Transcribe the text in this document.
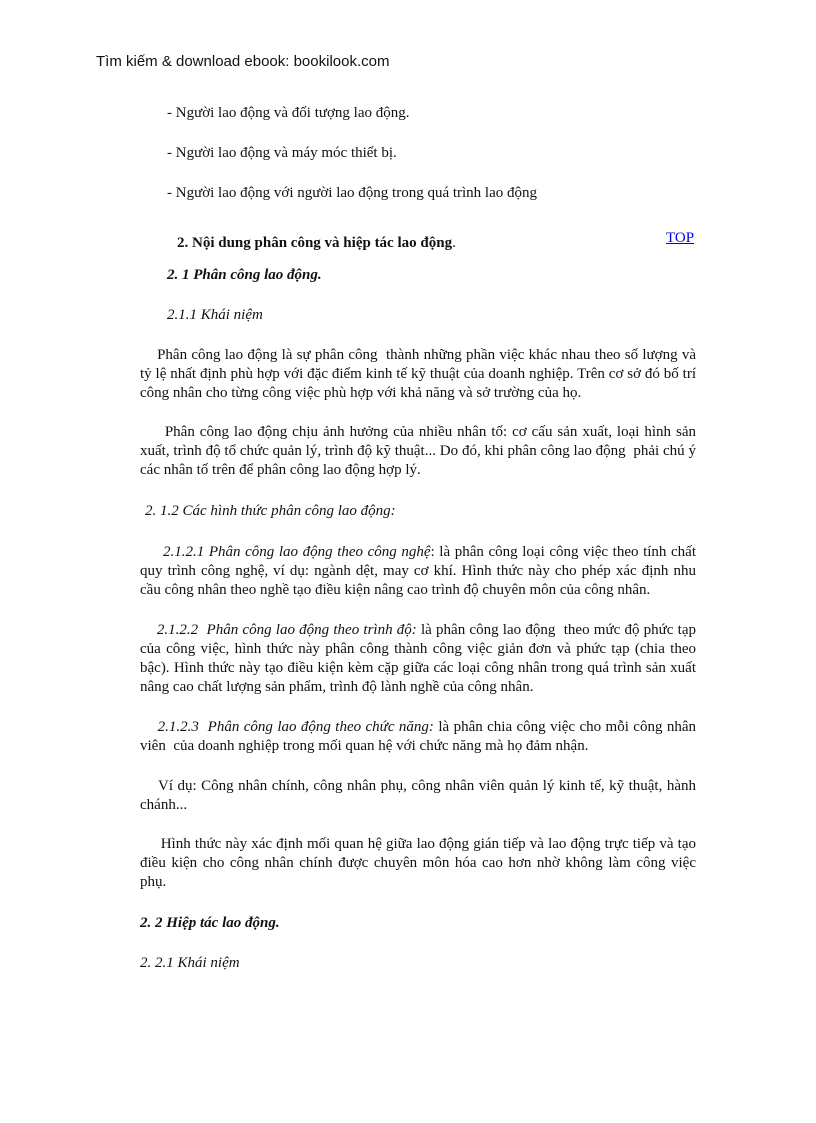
Tìm kiếm & download ebook: bookilook.com
- Người lao động và đối tượng lao động.
- Người lao động và máy móc thiết bị.
- Người lao động với người lao động trong quá trình lao động
2. Nội dung phân công và hiệp tác lao động.	TOP
2. 1 Phân công lao động.
2.1.1 Khái niệm
Phân công lao động là sự phân công  thành những phần việc khác nhau theo số lượng và tỷ lệ nhất định phù hợp với đặc điểm kinh tế kỹ thuật của doanh nghiệp. Trên cơ sở đó bố trí công nhân cho từng công việc phù hợp với khả năng và sở trường của họ.
Phân công lao động chịu ảnh hưởng của nhiều nhân tố: cơ cấu sản xuất, loại hình sản xuất, trình độ tổ chức quản lý, trình độ kỹ thuật... Do đó, khi phân công lao động  phải chú ý các nhân tố trên để phân công lao động hợp lý.
2. 1.2 Các hình thức phân công lao động:
2.1.2.1 Phân công lao động theo công nghệ: là phân công loại công việc theo tính chất quy trình công nghệ, ví dụ: ngành dệt, may cơ khí. Hình thức này cho phép xác định nhu cầu công nhân theo nghề tạo điều kiện nâng cao trình độ chuyên môn của công nhân.
2.1.2.2  Phân công lao động theo trình độ: là phân công lao động  theo mức độ phức tạp của công việc, hình thức này phân công thành công việc giản đơn và phức tạp (chia theo bậc). Hình thức này tạo điều kiện kèm cặp giữa các loại công nhân trong quá trình sản xuất nâng cao chất lượng sản phẩm, trình độ lành nghề của công nhân.
2.1.2.3  Phân công lao động theo chức năng: là phân chia công việc cho mỗi công nhân viên  của doanh nghiệp trong mối quan hệ với chức năng mà họ đảm nhận.
Ví dụ: Công nhân chính, công nhân phụ, công nhân viên quản lý kinh tế, kỹ thuật, hành chánh...
Hình thức này xác định mối quan hệ giữa lao động gián tiếp và lao động trực tiếp và tạo điều kiện cho công nhân chính được chuyên môn hóa cao hơn nhờ không làm công việc phụ.
2. 2 Hiệp tác lao động.
2. 2.1 Khái niệm
